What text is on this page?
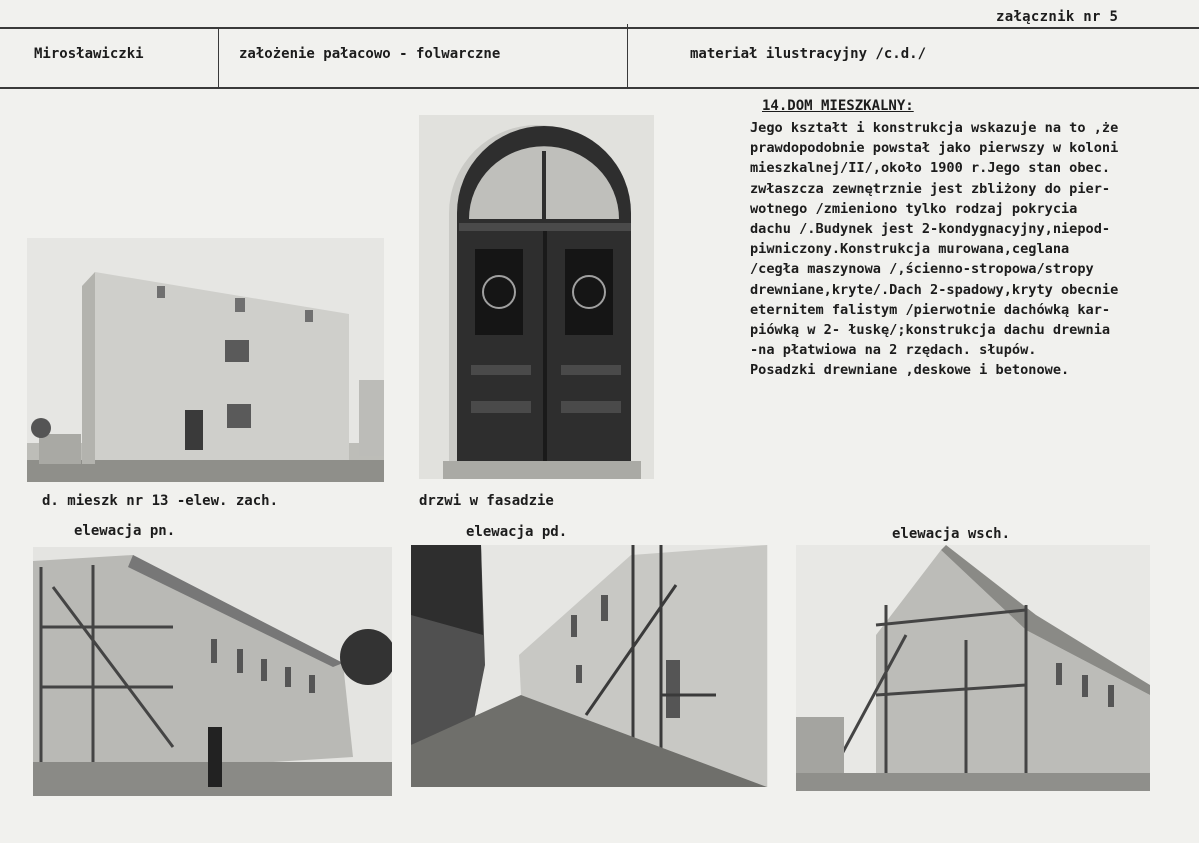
załącznik nr 5
Mirosławiczki	założenie pałacowo - folwarczne	materiał ilustracyjny /c.d./
d. mieszk nr 13 -elew. zach.	drzwi w fasadzie
elewacja pn.	elewacja pd.	elewacja wsch.
14.DOM MIESZKALNY:
Jego kształt i konstrukcja wskazuje na to ,że
prawdopodobnie powstał jako pierwszy w koloni
mieszkalnej/II/,około 1900 r.Jego stan obec.
zwłaszcza zewnętrznie jest zbliżony do pier-
wotnego /zmieniono tylko rodzaj pokrycia
dachu /.Budynek jest 2-kondygnacyjny,niepod-
piwniczony.Konstrukcja murowana,ceglana
/cegła maszynowa /,ścienno-stropowa/stropy
drewniane,kryte/.Dach 2-spadowy,kryty obecnie
eternitem falistym /pierwotnie dachówką kar-
piówką w 2- łuskę/;konstrukcja dachu drewnia
-na płatwiowa na 2 rzędach. słupów.
Posadzki drewniane ,deskowe i betonowe.
